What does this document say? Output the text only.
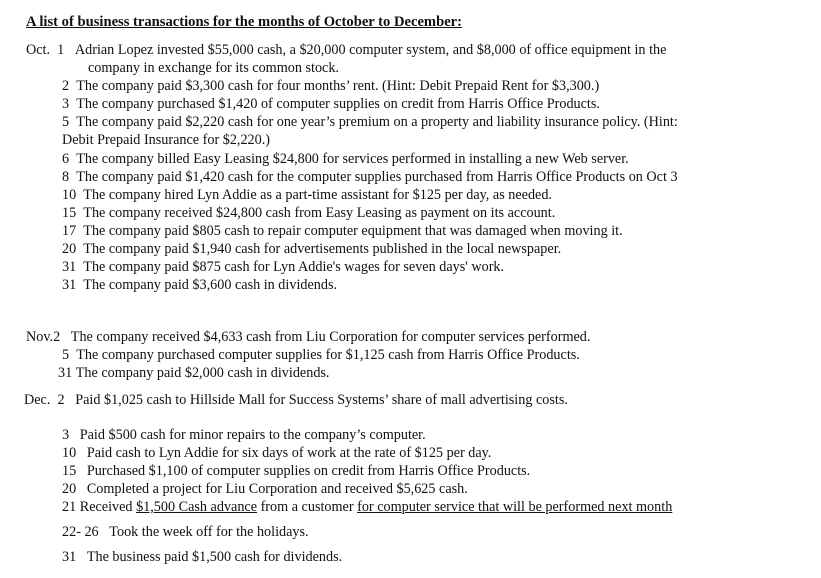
A list of business transactions for the months of October to December:
Oct. 1 Adrian Lopez invested $55,000 cash, a $20,000 computer system, and $8,000 of office equipment in the
company in exchange for its common stock.
2 The company paid $3,300 cash for four months’ rent. (Hint: Debit Prepaid Rent for $3,300.)
3 The company purchased $1,420 of computer supplies on credit from Harris Office Products.
5 The company paid $2,220 cash for one year’s premium on a property and liability insurance policy. (Hint:
Debit Prepaid Insurance for $2,220.)
6 The company billed Easy Leasing $24,800 for services performed in installing a new Web server.
8 The company paid $1,420 cash for the computer supplies purchased from Harris Office Products on Oct 3
10 The company hired Lyn Addie as a part-time assistant for $125 per day, as needed.
15 The company received $24,800 cash from Easy Leasing as payment on its account.
17 The company paid $805 cash to repair computer equipment that was damaged when moving it.
20 The company paid $1,940 cash for advertisements published in the local newspaper.
31 The company paid $875 cash for Lyn Addie's wages for seven days' work.
31 The company paid $3,600 cash in dividends.
Nov.2 The company received $4,633 cash from Liu Corporation for computer services performed.
5 The company purchased computer supplies for $1,125 cash from Harris Office Products.
31 The company paid $2,000 cash in dividends.
Dec. 2 Paid $1,025 cash to Hillside Mall for Success Systems’ share of mall advertising costs.
3 Paid $500 cash for minor repairs to the company’s computer.
10 Paid cash to Lyn Addie for six days of work at the rate of $125 per day.
15 Purchased $1,100 of computer supplies on credit from Harris Office Products.
20 Completed a project for Liu Corporation and received $5,625 cash.
21 Received $1,500 Cash advance from a customer for computer service that will be performed next month
22- 26 Took the week off for the holidays.
31 The business paid $1,500 cash for dividends.
